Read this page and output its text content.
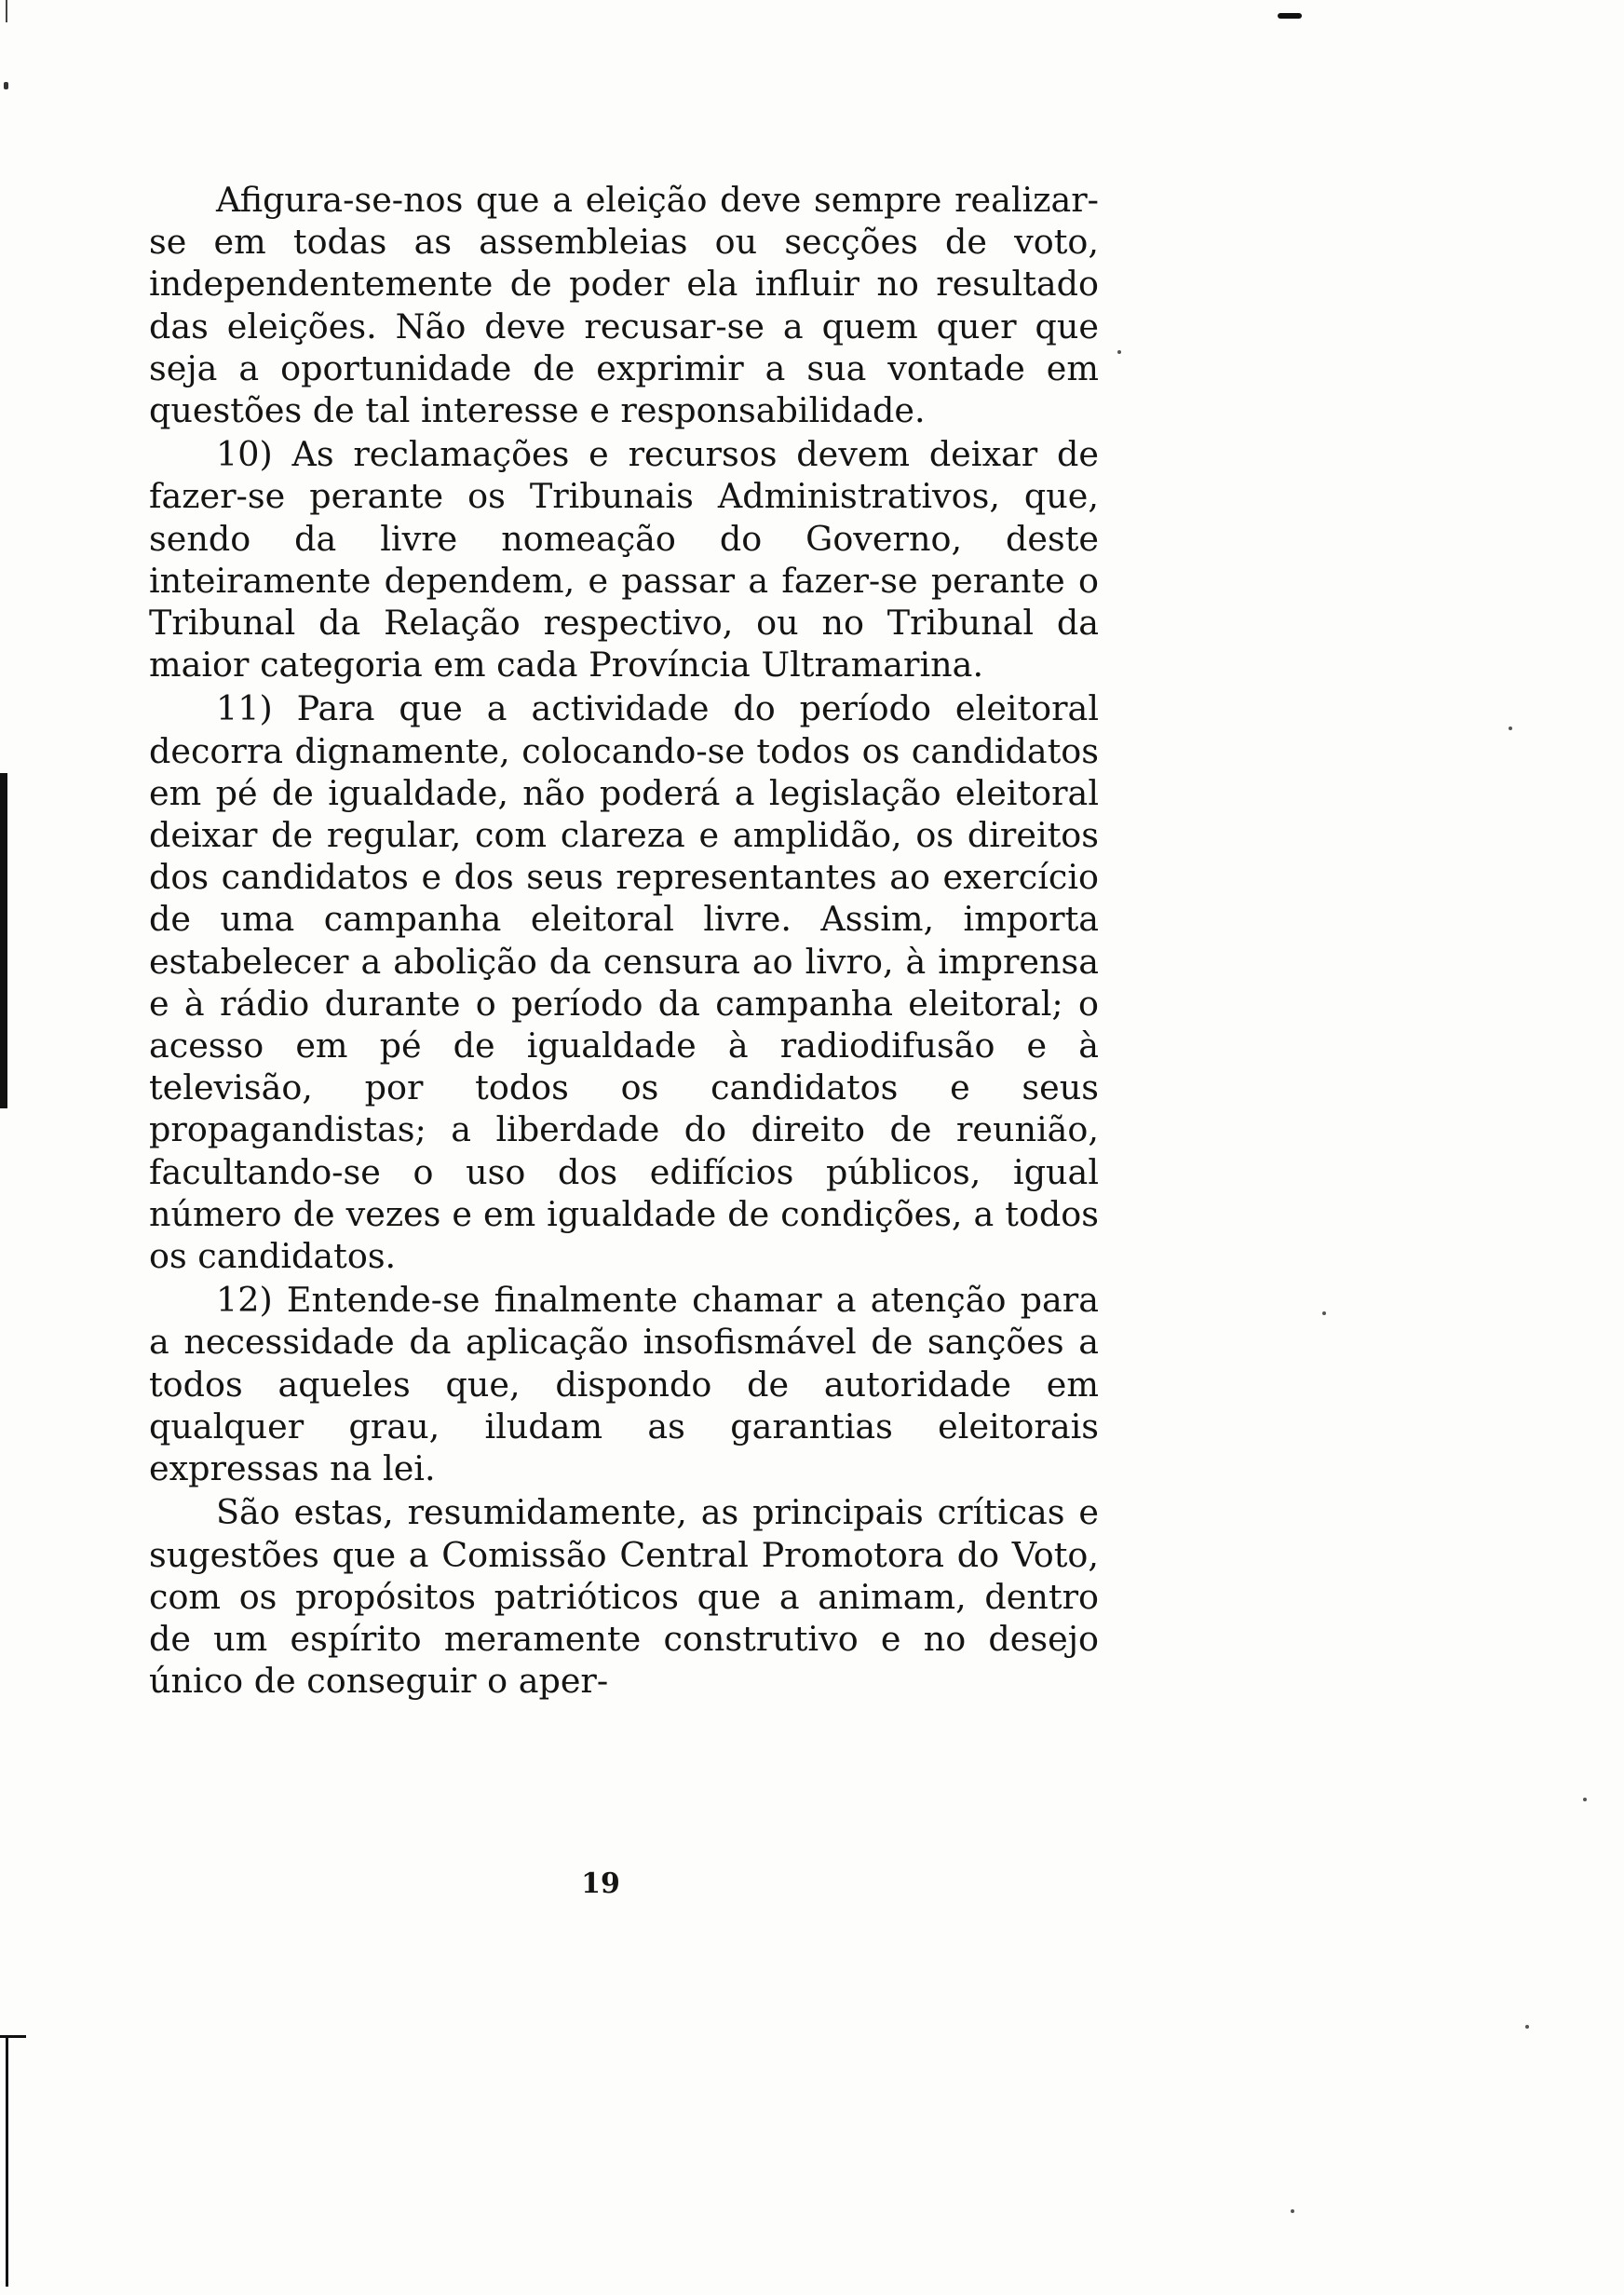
Afigura-se-nos que a eleição deve sempre realizar-se em todas as assembleias ou secções de voto, independentemente de poder ela influir no resultado das eleições. Não deve recusar-se a quem quer que seja a oportunidade de exprimir a sua vontade em questões de tal interesse e responsabilidade.

10) As reclamações e recursos devem deixar de fazer-se perante os Tribunais Administrativos, que, sendo da livre nomeação do Governo, deste inteiramente dependem, e passar a fazer-se perante o Tribunal da Relação respectivo, ou no Tribunal da maior categoria em cada Província Ultramarina.

11) Para que a actividade do período eleitoral decorra dignamente, colocando-se todos os candidatos em pé de igualdade, não poderá a legislação eleitoral deixar de regular, com clareza e amplidão, os direitos dos candidatos e dos seus representantes ao exercício de uma campanha eleitoral livre. Assim, importa estabelecer a abolição da censura ao livro, à imprensa e à rádio durante o período da campanha eleitoral; o acesso em pé de igualdade à radiodifusão e à televisão, por todos os candidatos e seus propagandistas; a liberdade do direito de reunião, facultando-se o uso dos edifícios públicos, igual número de vezes e em igualdade de condições, a todos os candidatos.

12) Entende-se finalmente chamar a atenção para a necessidade da aplicação insofismável de sanções a todos aqueles que, dispondo de autoridade em qualquer grau, iludam as garantias eleitorais expressas na lei.

São estas, resumidamente, as principais críticas e sugestões que a Comissão Central Promotora do Voto, com os propósitos patrióticos que a animam, dentro de um espírito meramente construtivo e no desejo único de conseguir o aper-

19
